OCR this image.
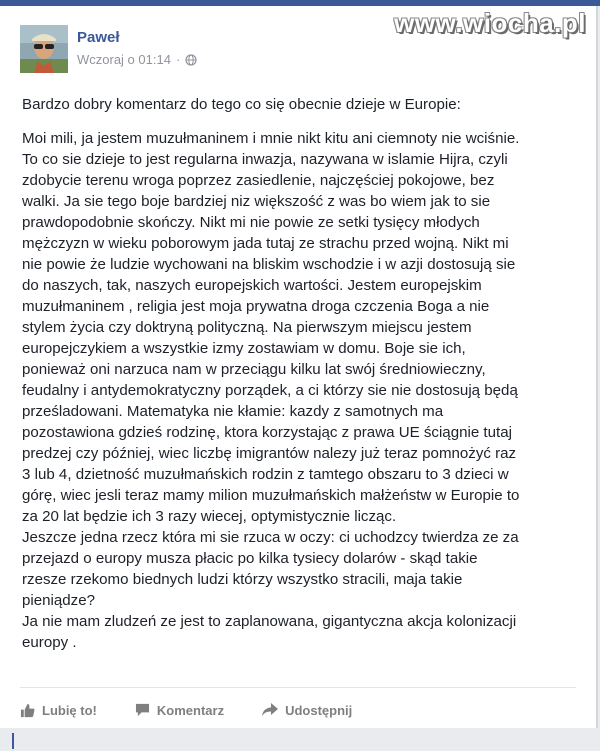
Paweł
Wczoraj o 01:14 ·

Bardzo dobry komentarz do tego co się obecnie dzieje w Europie:

Moi mili, ja jestem muzułmaninem i mnie nikt kitu ani ciemnoty nie wciśnie.

To co sie dzieje to jest regularna inwazja, nazywana w islamie Hijra, czyli

zdobycie terenu wroga poprzez zasiedlenie, najczęściej pokojowe, bez

walki. Ja sie tego boje bardziej niz większość z was bo wiem jak to sie

prawdopodobnie skończy. Nikt mi nie powie ze setki tysięcy młodych

mężczyzn w wieku poborowym jada tutaj ze strachu przed wojną. Nikt mi

nie powie że ludzie wychowani na bliskim wschodzie i w azji dostosują sie

do naszych, tak, naszych europejskich wartości. Jestem europejskim

muzułmaninem , religia jest moja prywatna droga czczenia Boga a nie

stylem życia czy doktryną polityczną. Na pierwszym miejscu jestem

europejczykiem a wszystkie izmy zostawiam w domu. Boje sie ich,

ponieważ oni narzuca nam w przeciągu kilku lat swój średniowieczny,

feudalny i antydemokratyczny porządek, a ci którzy sie nie dostosują będą

prześladowani. Matematyka nie kłamie: kazdy z samotnych ma

pozostawiona gdzieś rodzinę, ktora korzystając z prawa UE ściągnie tutaj

predzej czy później, wiec liczbę imigrantów nalezy już teraz pomnożyć raz

3 lub 4, dzietność muzułmańskich rodzin z tamtego obszaru to 3 dzieci w

górę, wiec jesli teraz mamy milion muzułmańskich małżeństw w Europie to

za 20 lat będzie ich 3 razy wiecej, optymistycznie licząc.

Jeszcze jedna rzecz która mi sie rzuca w oczy: ci uchodzcy twierdza ze za

przejazd o europy musza płacic po kilka tysiecy dolarów - skąd takie

rzesze rzekomo biednych ludzi którzy wszystko stracili, maja takie

pieniądze?

Ja nie mam zludzeń ze jest to zaplanowana, gigantyczna akcja kolonizacji

europy .

Lubię to!	Komentarz	Udostępnij
www.wiocha.pl
